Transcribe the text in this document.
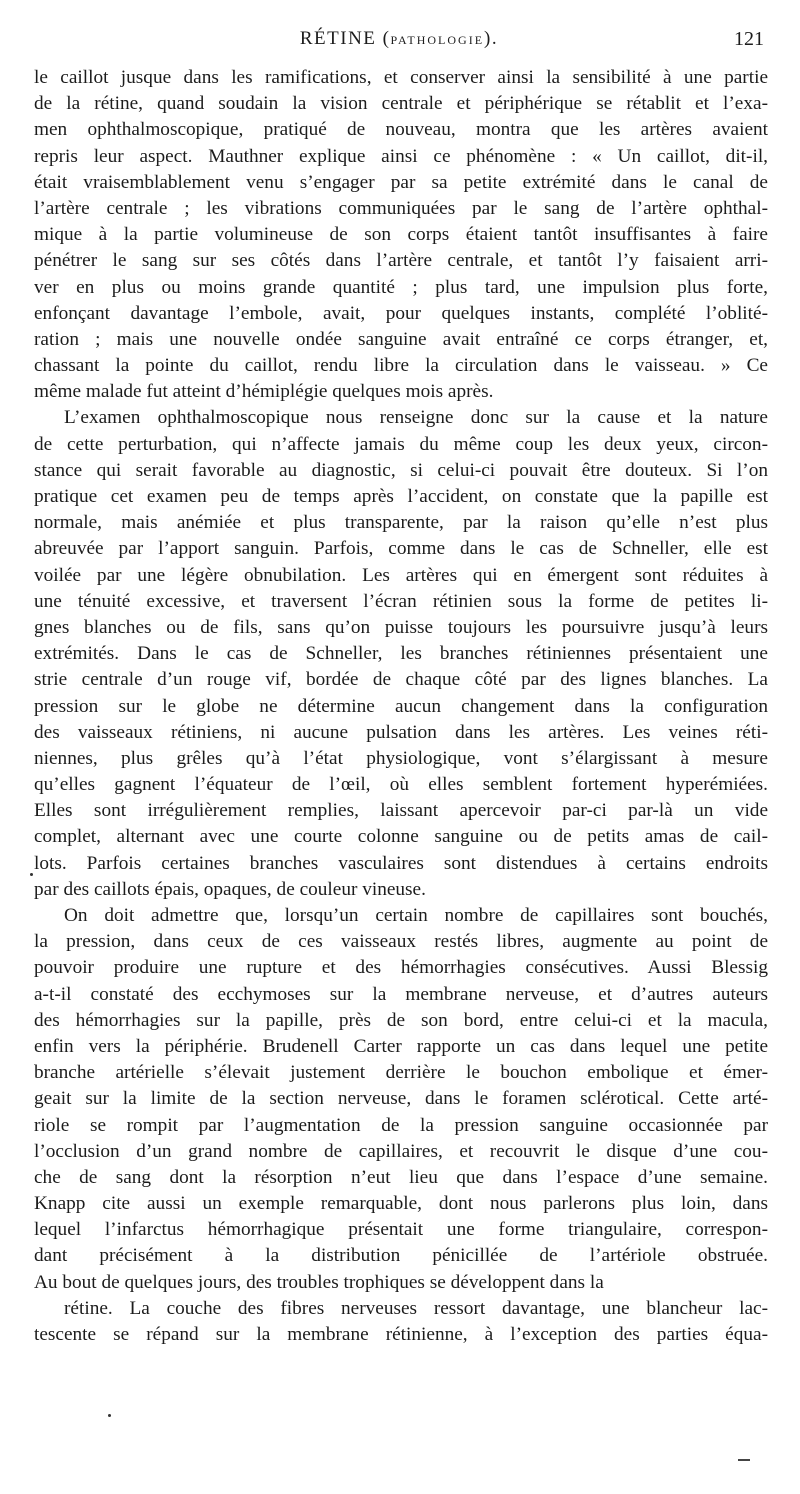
RÉTINE (PATHOLOGIE).	121
le caillot jusque dans les ramifications, et conserver ainsi la sensibilité à une partie
de la rétine, quand soudain la vision centrale et périphérique se rétablit et l’exa-
men ophthalmoscopique, pratiqué de nouveau, montra que les artères avaient
repris leur aspect. Mauthner explique ainsi ce phénomène : « Un caillot, dit-il,
était vraisemblablement venu s’engager par sa petite extrémité dans le canal de
l’artère centrale ; les vibrations communiquées par le sang de l’artère ophthal-
mique à la partie volumineuse de son corps étaient tantôt insuffisantes à faire
pénétrer le sang sur ses côtés dans l’artère centrale, et tantôt l’y faisaient arri-
ver en plus ou moins grande quantité ; plus tard, une impulsion plus forte,
enfonçant davantage l’embole, avait, pour quelques instants, complété l’oblité-
ration ; mais une nouvelle ondée sanguine avait entraîné ce corps étranger, et,
chassant la pointe du caillot, rendu libre la circulation dans le vaisseau. » Ce
même malade fut atteint d’hémiplégie quelques mois après.
L’examen ophthalmoscopique nous renseigne donc sur la cause et la nature
de cette perturbation, qui n’affecte jamais du même coup les deux yeux, circon-
stance qui serait favorable au diagnostic, si celui-ci pouvait être douteux. Si l’on
pratique cet examen peu de temps après l’accident, on constate que la papille est
normale, mais anémiée et plus transparente, par la raison qu’elle n’est plus
abreuvée par l’apport sanguin. Parfois, comme dans le cas de Schneller, elle est
voilée par une légère obnubilation. Les artères qui en émergent sont réduites à
une ténuité excessive, et traversent l’écran rétinien sous la forme de petites li-
gnes blanches ou de fils, sans qu’on puisse toujours les poursuivre jusqu’à leurs
extrémités. Dans le cas de Schneller, les branches rétiniennes présentaient une
strie centrale d’un rouge vif, bordée de chaque côté par des lignes blanches. La
pression sur le globe ne détermine aucun changement dans la configuration
des vaisseaux rétiniens, ni aucune pulsation dans les artères. Les veines réti-
niennes, plus grêles qu’à l’état physiologique, vont s’élargissant à mesure
qu’elles gagnent l’équateur de l’œil, où elles semblent fortement hyperémiées.
Elles sont irrégulièrement remplies, laissant apercevoir par-ci par-là un vide
complet, alternant avec une courte colonne sanguine ou de petits amas de cail-
lots. Parfois certaines branches vasculaires sont distendues à certains endroits
par des caillots épais, opaques, de couleur vineuse.
On doit admettre que, lorsqu’un certain nombre de capillaires sont bouchés,
la pression, dans ceux de ces vaisseaux restés libres, augmente au point de
pouvoir produire une rupture et des hémorrhagies consécutives. Aussi Blessig
a-t-il constaté des ecchymoses sur la membrane nerveuse, et d’autres auteurs
des hémorrhagies sur la papille, près de son bord, entre celui-ci et la macula,
enfin vers la périphérie. Brudenell Carter rapporte un cas dans lequel une petite
branche artérielle s’élevait justement derrière le bouchon embolique et émer-
geait sur la limite de la section nerveuse, dans le foramen sclérotical. Cette arté-
riole se rompit par l’augmentation de la pression sanguine occasionnée par
l’occlusion d’un grand nombre de capillaires, et recouvrit le disque d’une cou-
che de sang dont la résorption n’eut lieu que dans l’espace d’une semaine.
Knapp cite aussi un exemple remarquable, dont nous parlerons plus loin, dans
lequel l’infarctus hémorrhagique présentait une forme triangulaire, correspon-
dant précisément à la distribution pénicillée de l’artériole obstruée.
Au bout de quelques jours, des troubles trophiques se développent dans la
rétine. La couche des fibres nerveuses ressort davantage, une blancheur lac-
tescente se répand sur la membrane rétinienne, à l’exception des parties équa-
